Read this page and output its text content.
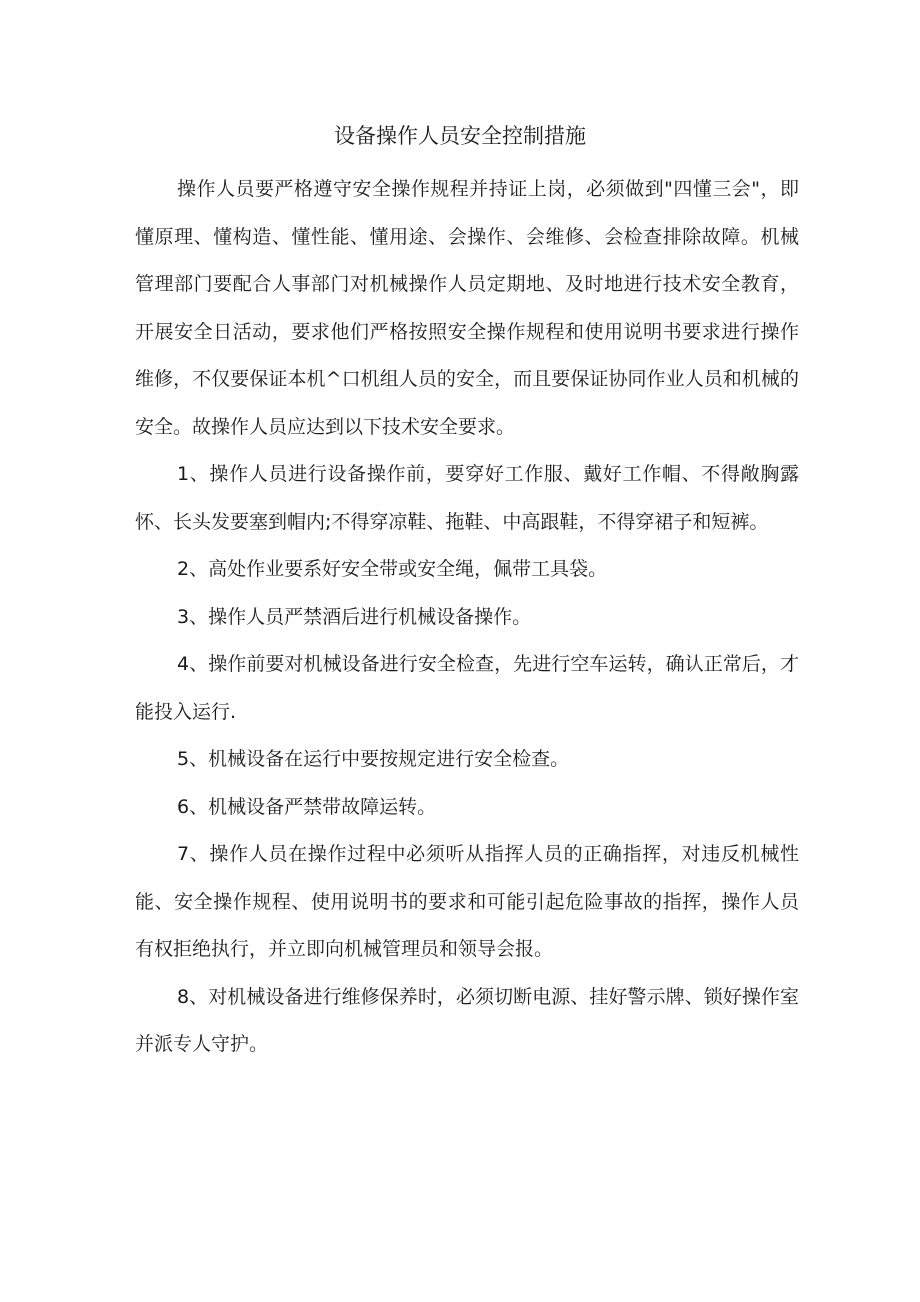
设备操作人员安全控制措施

操作人员要严格遵守安全操作规程并持证上岗，必须做到"四懂三会"，即懂原理、懂构造、懂性能、懂用途、会操作、会维修、会检查排除故障。机械管理部门要配合人事部门对机械操作人员定期地、及时地进行技术安全教育，开展安全日活动，要求他们严格按照安全操作规程和使用说明书要求进行操作维修，不仅要保证本机^口机组人员的安全，而且要保证协同作业人员和机械的安全。故操作人员应达到以下技术安全要求。

1、操作人员进行设备操作前，要穿好工作服、戴好工作帽、不得敞胸露怀、长头发要塞到帽内;不得穿凉鞋、拖鞋、中高跟鞋，不得穿裙子和短裤。

2、高处作业要系好安全带或安全绳，佩带工具袋。

3、操作人员严禁酒后进行机械设备操作。

4、操作前要对机械设备进行安全检查，先进行空车运转，确认正常后，才能投入运行.

5、机械设备在运行中要按规定进行安全检查。

6、机械设备严禁带故障运转。

7、操作人员在操作过程中必须听从指挥人员的正确指挥，对违反机械性能、安全操作规程、使用说明书的要求和可能引起危险事故的指挥，操作人员有权拒绝执行，并立即向机械管理员和领导会报。

8、对机械设备进行维修保养时，必须切断电源、挂好警示牌、锁好操作室并派专人守护。
